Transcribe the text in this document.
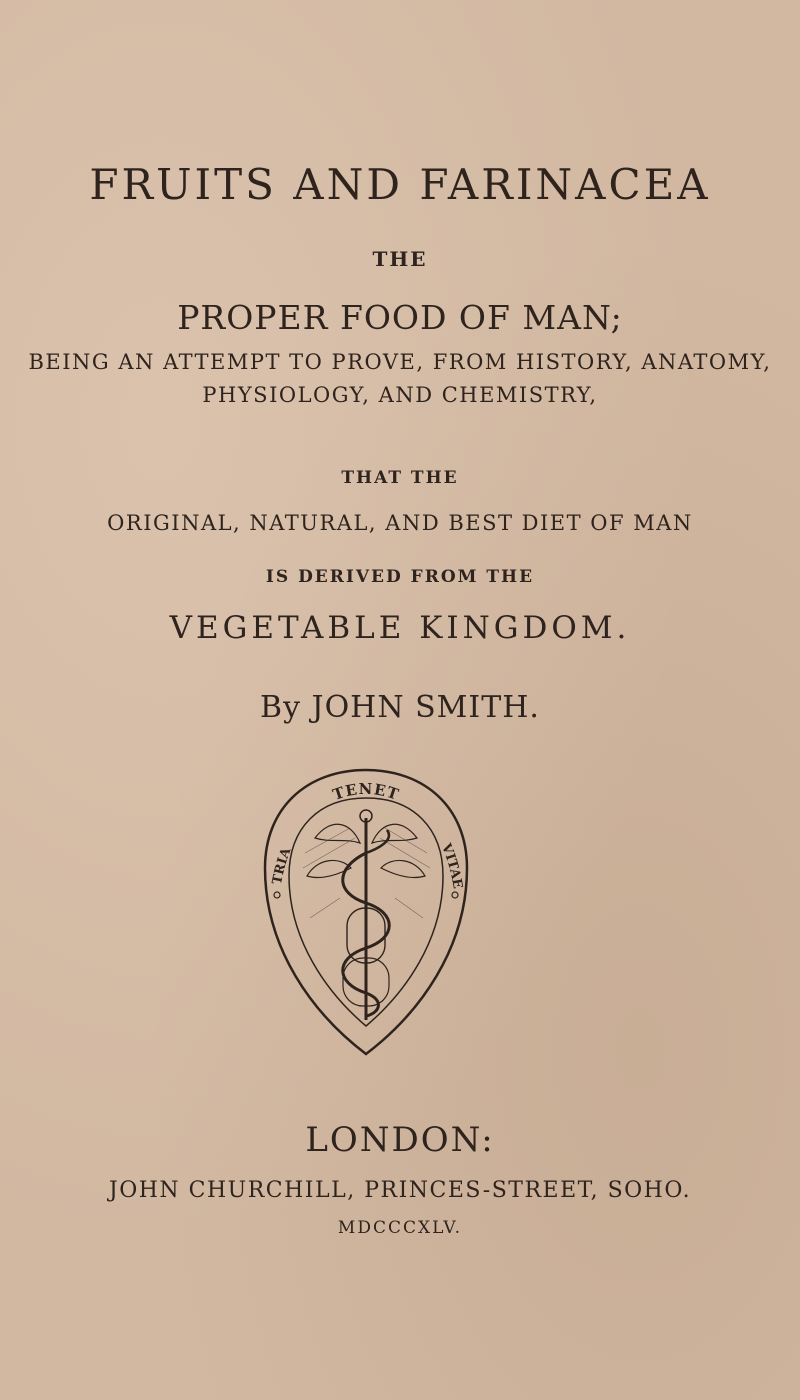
FRUITS AND FARINACEA
THE
PROPER FOOD OF MAN;
BEING AN ATTEMPT TO PROVE, FROM HISTORY, ANATOMY,
PHYSIOLOGY, AND CHEMISTRY,
THAT THE
ORIGINAL, NATURAL, AND BEST DIET OF MAN
IS DERIVED FROM THE
VEGETABLE KINGDOM.
By JOHN SMITH.
TENET
TRIA	VITAE
LONDON:
JOHN CHURCHILL, PRINCES-STREET, SOHO.
MDCCCXLV.
